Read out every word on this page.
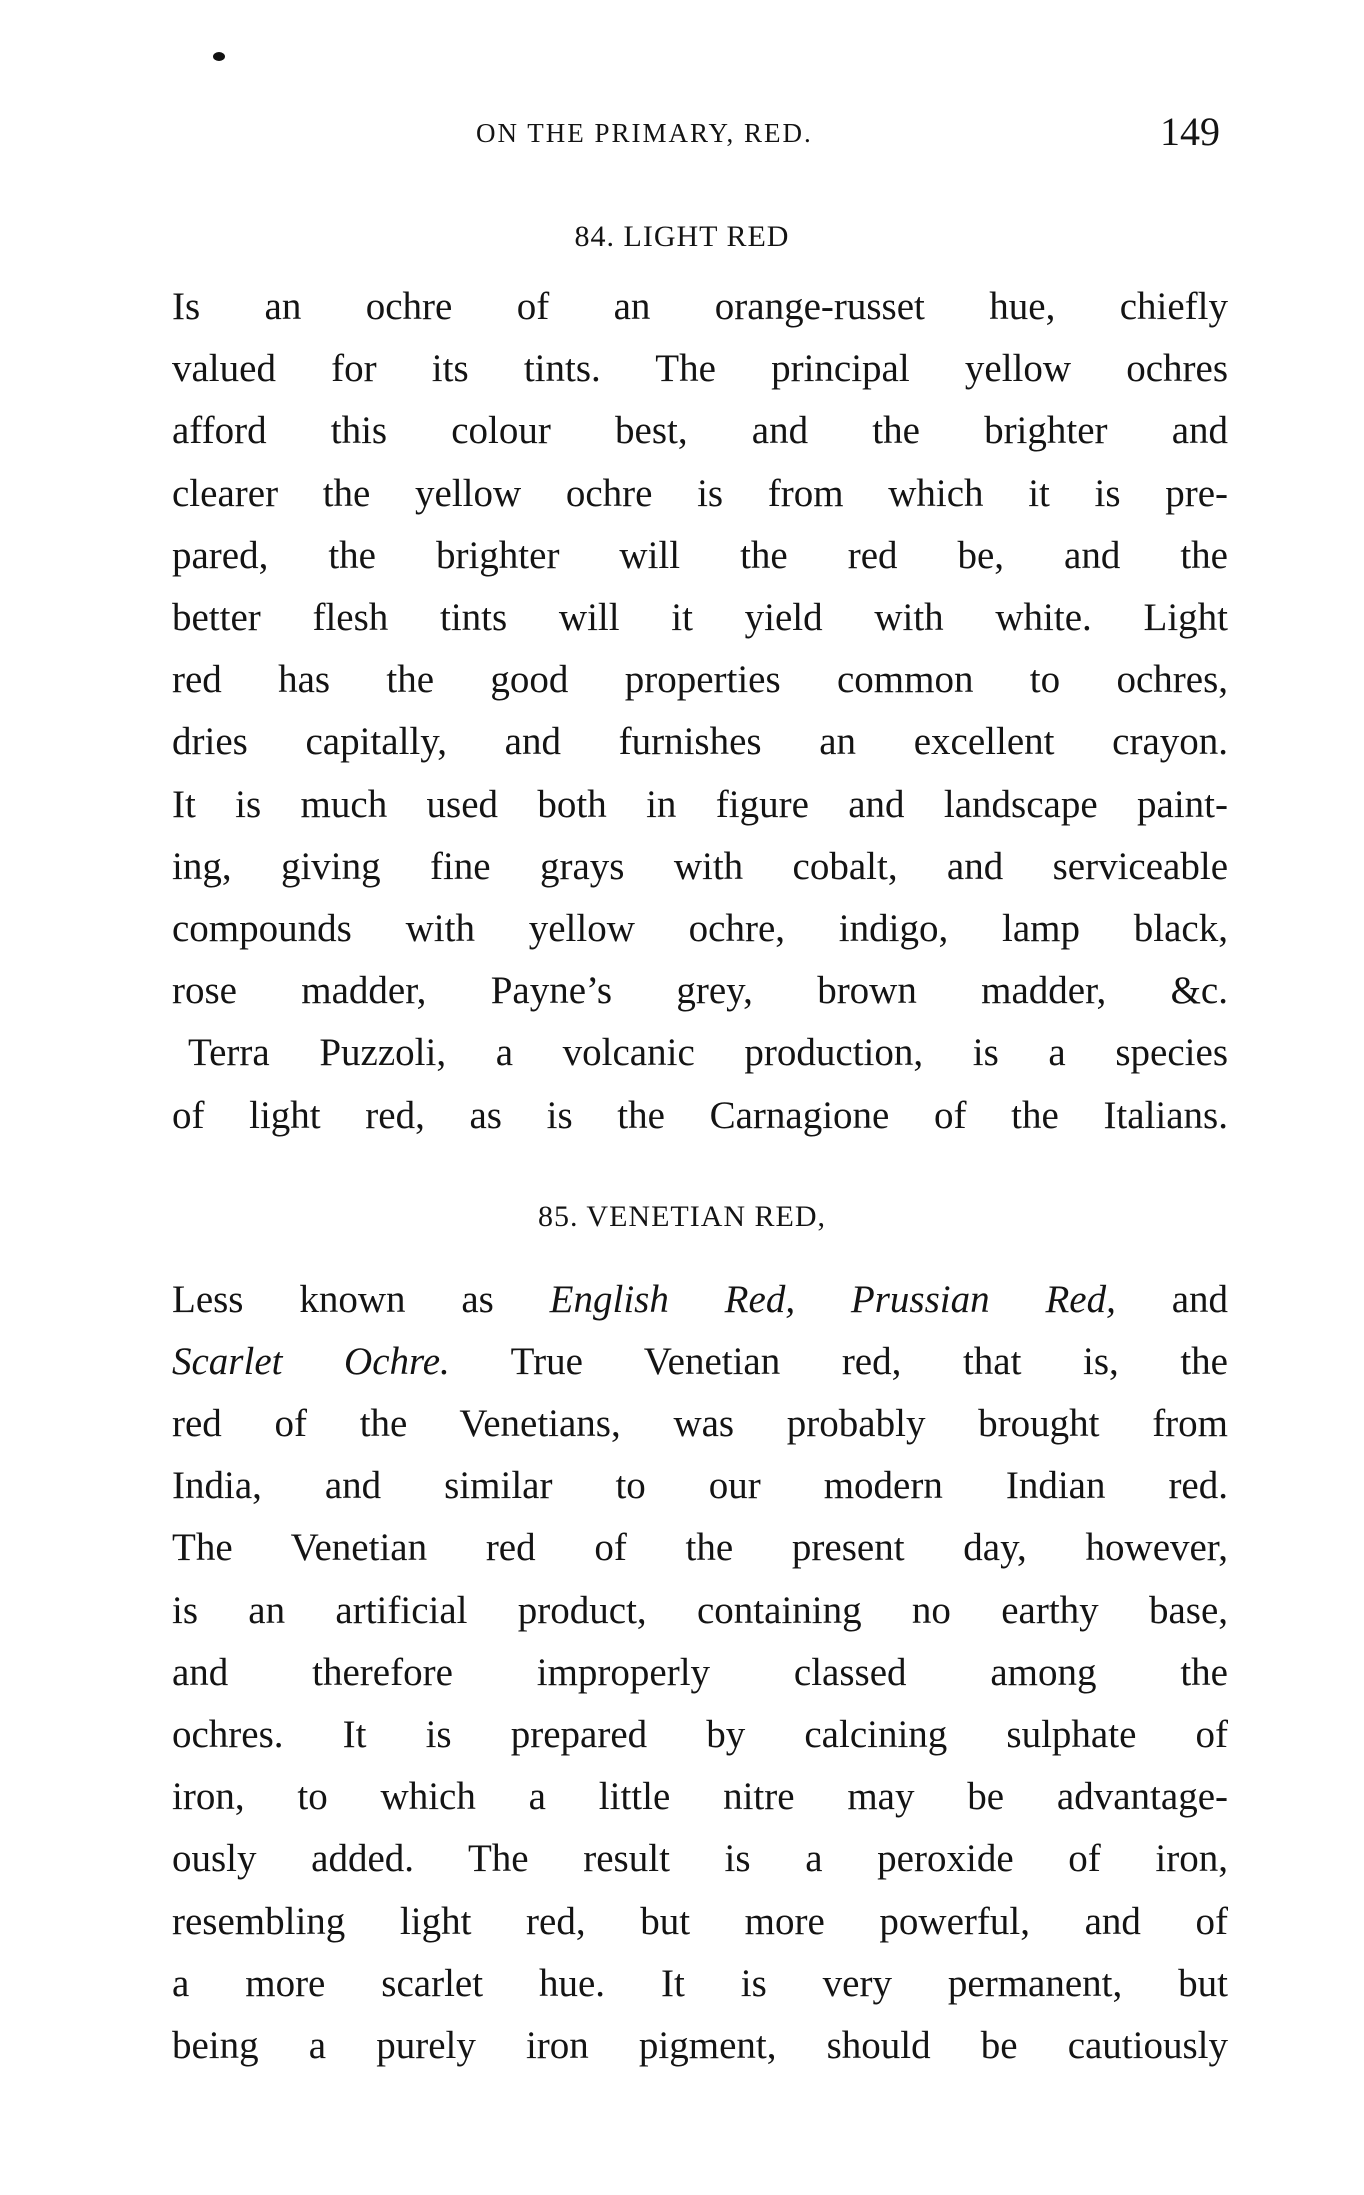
ON THE PRIMARY, RED.	149
84. LIGHT RED
Is an ochre of an orange-russet hue, chiefly
valued for its tints. The principal yellow ochres
afford this colour best, and the brighter and
clearer the yellow ochre is from which it is pre-
pared, the brighter will the red be, and the
better flesh tints will it yield with white. Light
red has the good properties common to ochres,
dries capitally, and furnishes an excellent crayon.
It is much used both in figure and landscape paint-
ing, giving fine grays with cobalt, and serviceable
compounds with yellow ochre, indigo, lamp black,
rose madder, Payne’s grey, brown madder, &c.
Terra Puzzoli, a volcanic production, is a species
of light red, as is the Carnagione of the Italians.
85. VENETIAN RED,
Less known as English Red, Prussian Red, and
Scarlet Ochre. True Venetian red, that is, the
red of the Venetians, was probably brought from
India, and similar to our modern Indian red.
The Venetian red of the present day, however,
is an artificial product, containing no earthy base,
and therefore improperly classed among the
ochres. It is prepared by calcining sulphate of
iron, to which a little nitre may be advantage-
ously added. The result is a peroxide of iron,
resembling light red, but more powerful, and of
a more scarlet hue. It is very permanent, but
being a purely iron pigment, should be cautiously
